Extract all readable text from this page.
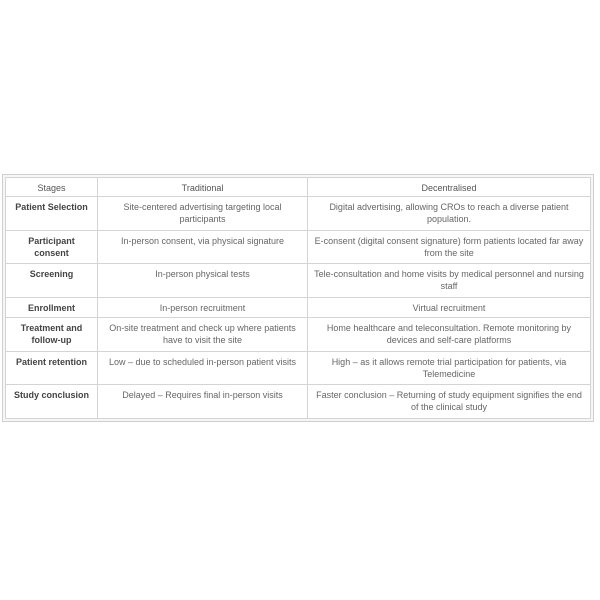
Stages	Traditional	Decentralised
Patient Selection	Site-centered advertising targeting local participants	Digital advertising, allowing CROs to reach a diverse patient population.
Participant consent	In-person consent, via physical signature	E-consent (digital consent signature) form patients located far away from the site
Screening	In-person physical tests	Tele-consultation and home visits by medical personnel and nursing staff
Enrollment	In-person recruitment	Virtual recruitment
Treatment and follow-up	On-site treatment and check up where patients have to visit the site	Home healthcare and teleconsultation. Remote monitoring by devices and self-care platforms
Patient retention	Low – due to scheduled in-person patient visits	High – as it allows remote trial participation for patients, via Telemedicine
Study conclusion	Delayed – Requires final in-person visits	Faster conclusion – Returning of study equipment signifies the end of the clinical study
